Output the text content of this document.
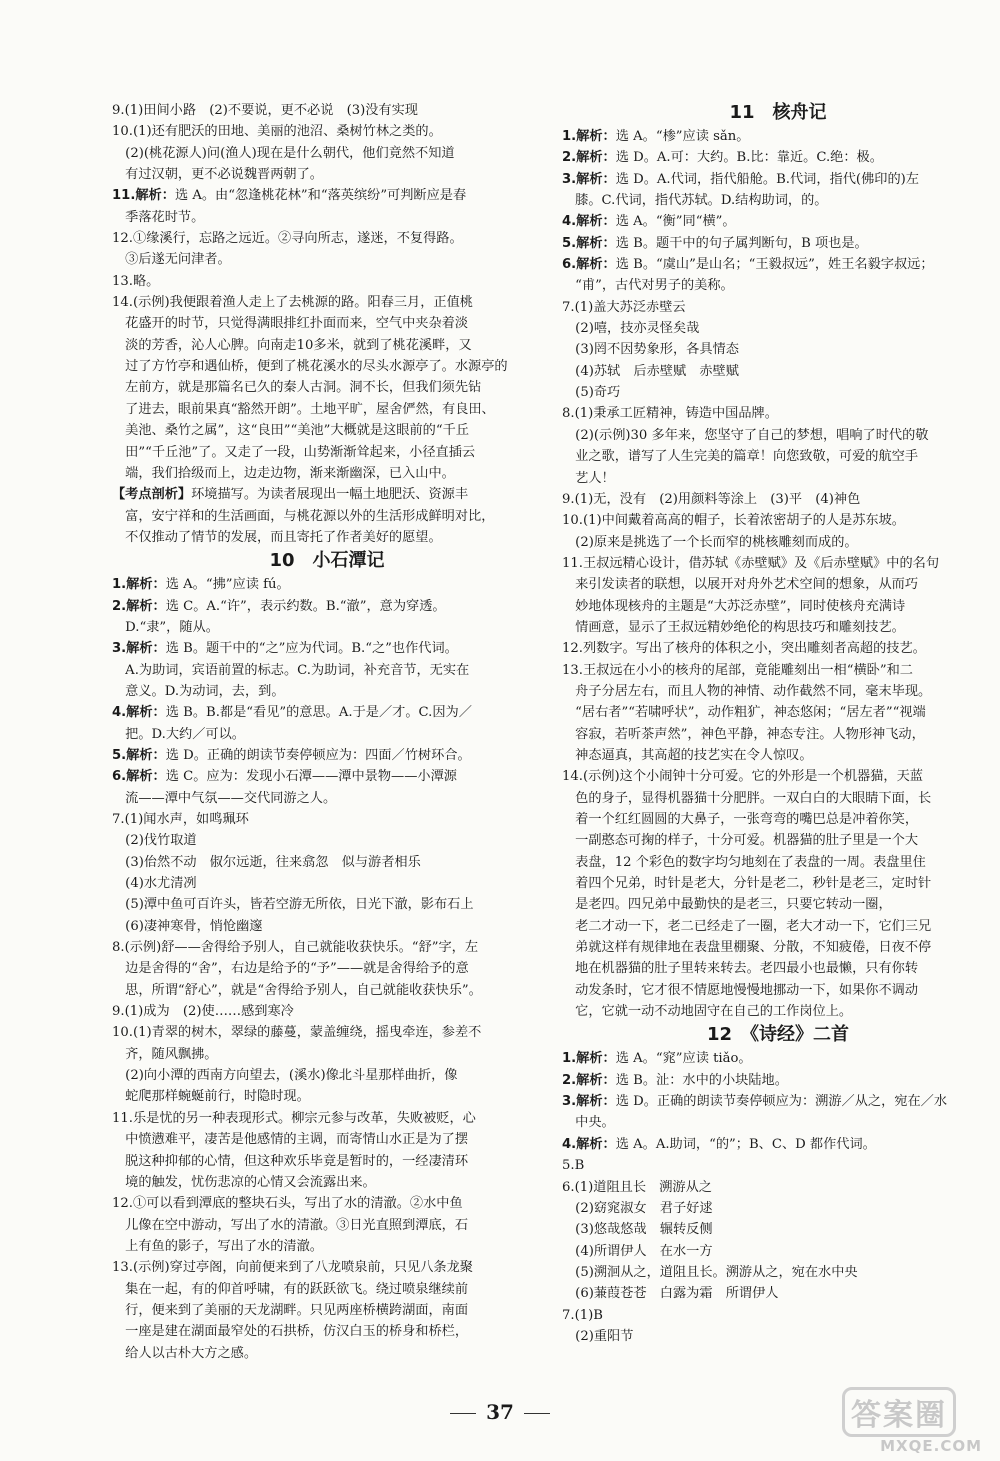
9.(1)田间小路　(2)不要说，更不必说　(3)没有实现
10.(1)还有肥沃的田地、美丽的池沼、桑树竹林之类的。
　(2)(桃花源人)问(渔人)现在是什么朝代，他们竟然不知道
　有过汉朝，更不必说魏晋两朝了。
11.解析：选 A。由“忽逢桃花林”和“落英缤纷”可判断应是春
　季落花时节。
12.①缘溪行，忘路之远近。②寻向所志，遂迷，不复得路。
　③后遂无问津者。
13.略。
14.(示例)我便跟着渔人走上了去桃源的路。阳春三月，正值桃
　花盛开的时节，只觉得满眼排红扑面而来，空气中夹杂着淡
　淡的芳香，沁人心脾。向南走10多米，就到了桃花溪畔，又
　过了方竹亭和遇仙桥，便到了桃花溪水的尽头水源亭了。水源亭的
　左前方，就是那篇名已久的秦人古洞。洞不长，但我们须先钻
　了进去，眼前果真“豁然开朗”。土地平旷，屋舍俨然，有良田、
　美池、桑竹之属”，这“良田”“美池”大概就是这眼前的“千丘
　田”“千丘池”了。又走了一段，山势渐渐耸起来，小径直插云
　端，我们拾级而上，边走边物，渐来渐幽深，已入山中。
【考点剖析】环境描写。为读者展现出一幅土地肥沃、资源丰
　富，安宁祥和的生活画面，与桃花源以外的生活形成鲜明对比，
　不仅推动了情节的发展，而且寄托了作者美好的愿望。
10　小石潭记
1.解析：选 A。“拂”应读 fú。
2.解析：选 C。A.“许”，表示约数。B.“澈”，意为穿透。
　D.“隶”，随从。
3.解析：选 B。题干中的“之”应为代词。B.“之”也作代词。
　A.为助词，宾语前置的标志。C.为助词，补充音节，无实在
　意义。D.为动词，去，到。
4.解析：选 B。B.都是“看见”的意思。A.于是／才。C.因为／
　把。D.大约／可以。
5.解析：选 D。正确的朗读节奏停顿应为：四面／竹树环合。
6.解析：选 C。应为：发现小石潭——潭中景物——小潭源
　流——潭中气氛——交代同游之人。
7.(1)闻水声，如鸣珮环
　(2)伐竹取道
　(3)佁然不动　俶尔远逝，往来翕忽　似与游者相乐
　(4)水尤清冽
　(5)潭中鱼可百许头，皆若空游无所依，日光下澈，影布石上
　(6)凄神寒骨，悄怆幽邃
8.(示例)舒——舍得给予别人，自己就能收获快乐。“舒”字，左
　边是舍得的“舍”，右边是给予的“予”——就是舍得给予的意
　思，所谓“舒心”，就是“舍得给予别人，自己就能收获快乐”。
9.(1)成为　(2)使……感到寒冷
10.(1)青翠的树木，翠绿的藤蔓，蒙盖缠绕，摇曳牵连，参差不
　齐，随风飘拂。
　(2)向小潭的西南方向望去，(溪水)像北斗星那样曲折，像
　蛇爬那样蜿蜒前行，时隐时现。
11.乐是忧的另一种表现形式。柳宗元参与改革，失败被贬，心
　中愤懑难平，凄苦是他感情的主调，而寄情山水正是为了摆
　脱这种抑郁的心情，但这种欢乐毕竟是暂时的，一经凄清环
　境的触发，忧伤悲凉的心情又会流露出来。
12.①可以看到潭底的整块石头，写出了水的清澈。②水中鱼
　儿像在空中游动，写出了水的清澈。③日光直照到潭底，石
　上有鱼的影子，写出了水的清澈。
13.(示例)穿过亭阁，向前便来到了八龙喷泉前，只见八条龙聚
　集在一起，有的仰首呼啸，有的跃跃欲飞。绕过喷泉继续前
　行，便来到了美丽的天龙湖畔。只见两座桥横跨湖面，南面
　一座是建在湖面最窄处的石拱桥，仿汉白玉的桥身和桥栏，
　给人以古朴大方之感。
11　核舟记
1.解析：选 A。“椮”应读 sǎn。
2.解析：选 D。A.可：大约。B.比：靠近。C.绝：极。
3.解析：选 D。A.代词，指代船舱。B.代词，指代(佛印的)左
　膝。C.代词，指代苏轼。D.结构助词，的。
4.解析：选 A。“衡”同“横”。
5.解析：选 B。题干中的句子属判断句，B 项也是。
6.解析：选 B。“虞山”是山名；“王毅叔远”，姓王名毅字叔远；
　“甫”，古代对男子的美称。
7.(1)盖大苏泛赤壁云
　(2)嘻，技亦灵怪矣哉
　(3)罔不因势象形，各具情态
　(4)苏轼　后赤壁赋　赤壁赋
　(5)奇巧
8.(1)秉承工匠精神，铸造中国品牌。
　(2)(示例)30 多年来，您坚守了自己的梦想，唱响了时代的敬
　业之歌，谱写了人生完美的篇章！向您致敬，可爱的航空手
　艺人！
9.(1)无，没有　(2)用颜料等涂上　(3)平　(4)神色
10.(1)中间戴着高高的帽子，长着浓密胡子的人是苏东坡。
　(2)原来是挑选了一个长而窄的桃核雕刻而成的。
11.王叔远精心设计，借苏轼《赤壁赋》及《后赤壁赋》中的名句
　来引发读者的联想，以展开对舟外艺术空间的想象，从而巧
　妙地体现核舟的主题是“大苏泛赤壁”，同时使核舟充满诗
　情画意，显示了王叔远精妙绝伦的构思技巧和雕刻技艺。
12.列数字。写出了核舟的体积之小，突出雕刻者高超的技艺。
13.王叔远在小小的核舟的尾部，竟能雕刻出一相“横卧”和二
　舟子分居左右，而且人物的神情、动作截然不同，毫末毕现。
　“居右者”“若啸呼状”，动作粗犷，神态悠闲；“居左者”“视端
　容寂，若听茶声然”，神色平静，神态专注。人物形神飞动，
　神态逼真，其高超的技艺实在令人惊叹。
14.(示例)这个小闹钟十分可爱。它的外形是一个机器猫，天蓝
　色的身子，显得机器猫十分肥胖。一双白白的大眼睛下面，长
　着一个红红圆圆的大鼻子，一张弯弯的嘴巴总是冲着你笑，
　一副憨态可掬的样子，十分可爱。机器猫的肚子里是一个大
　表盘，12 个彩色的数字均匀地刻在了表盘的一周。表盘里住
　着四个兄弟，时针是老大，分针是老二，秒针是老三，定时针
　是老四。四兄弟中最勤快的是老三，只要它转动一圈，
　老二才动一下，老二已经走了一圈，老大才动一下，它们三兄
　弟就这样有规律地在表盘里棚聚、分散，不知疲倦，日夜不停
　地在机器猫的肚子里转来转去。老四最小也最懒，只有你转
　动发条时，它才很不情愿地慢慢地挪动一下，如果你不调动
　它，它就一动不动地固守在自己的工作岗位上。
12　《诗经》二首
1.解析：选 A。“窕”应读 tiǎo。
2.解析：选 B。沚：水中的小块陆地。
3.解析：选 D。正确的朗读节奏停顿应为：溯游／从之，宛在／水
　中央。
4.解析：选 A。A.助词，“的”；B、C、D 都作代词。
5.B
6.(1)道阻且长　溯游从之
　(2)窈窕淑女　君子好逑
　(3)悠哉悠哉　辗转反侧
　(4)所谓伊人　在水一方
　(5)溯洄从之，道阻且长。溯游从之，宛在水中央
　(6)蒹葭苍苍　白露为霜　所谓伊人
7.(1)B
　(2)重阳节
37	答案圈
MXQE.COM
